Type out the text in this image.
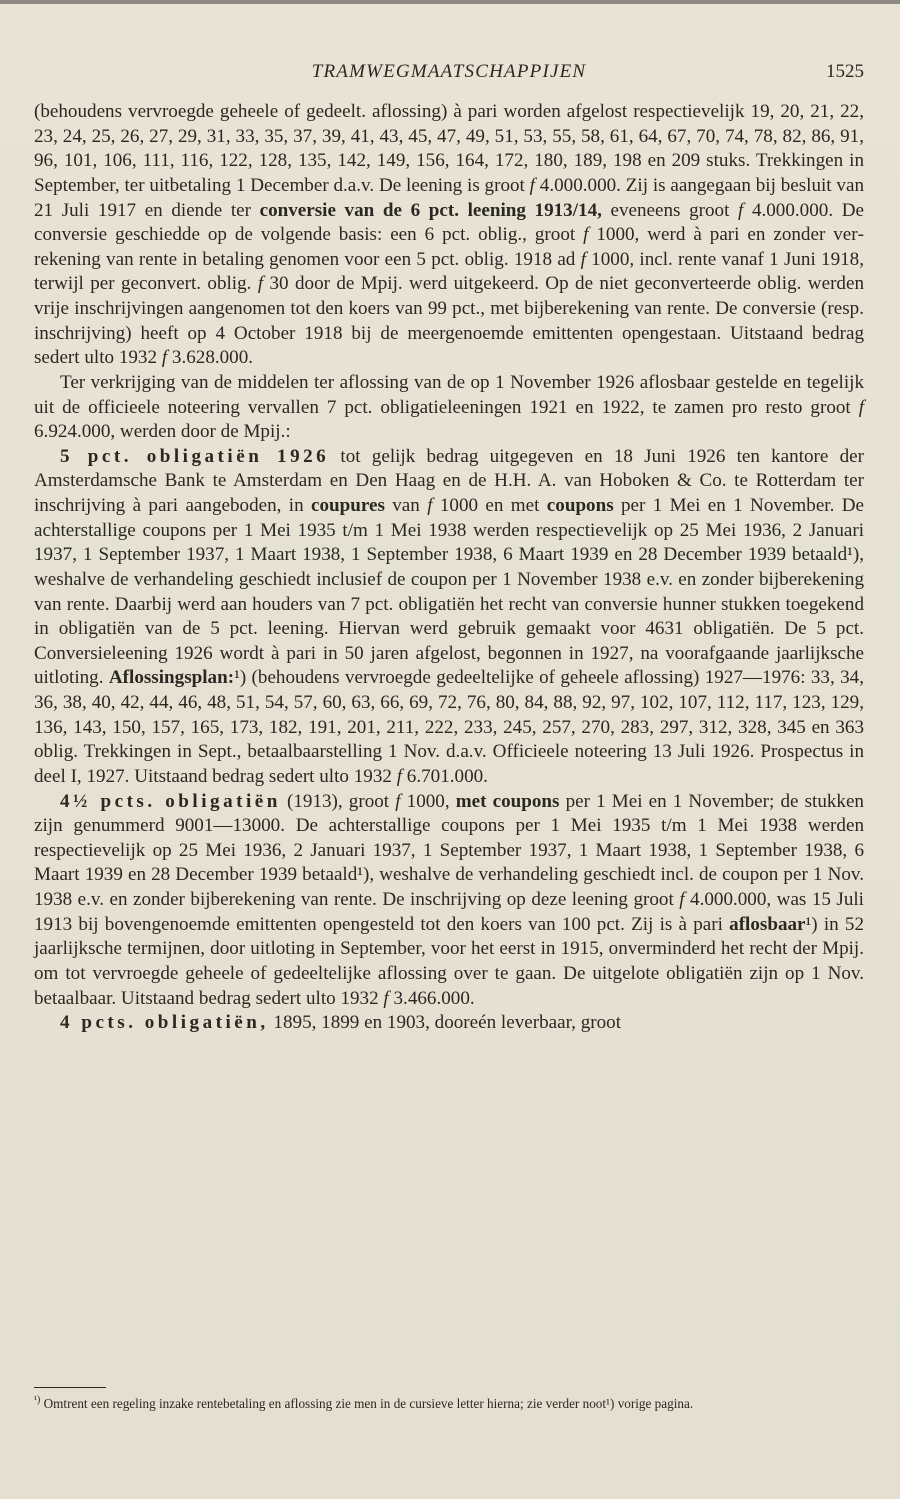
TRAMWEGMAATSCHAPPIJEN	1525

(behoudens vervroegde geheele of gedeelt. aflossing) à pari worden afgelost respectievelijk 19, 20, 21, 22, 23, 24, 25, 26, 27, 29, 31, 33, 35, 37, 39, 41, 43, 45, 47, 49, 51, 53, 55, 58, 61, 64, 67, 70, 74, 78, 82, 86, 91, 96, 101, 106, 111, 116, 122, 128, 135, 142, 149, 156, 164, 172, 180, 189, 198 en 209 stuks. Trekkingen in September, ter uitbetaling 1 December d.a.v. De leening is groot f 4.000.000. Zij is aangegaan bij besluit van 21 Juli 1917 en diende ter conversie van de 6 pct. leening 1913/14, eveneens groot f 4.000.000. De conversie geschiedde op de volgende basis: een 6 pct. oblig., groot f 1000, werd à pari en zonder verrekening van rente in betaling genomen voor een 5 pct. oblig. 1918 ad f 1000, incl. rente vanaf 1 Juni 1918, terwijl per geconvert. oblig. f 30 door de Mpij. werd uitgekeerd. Op de niet geconverteerde oblig. werden vrije inschrijvingen aangenomen tot den koers van 99 pct., met bijberekening van rente. De conversie (resp. inschrijving) heeft op 4 October 1918 bij de meergenoemde emittenten opengestaan. Uitstaand bedrag sedert ulto 1932 f 3.628.000.

Ter verkrijging van de middelen ter aflossing van de op 1 November 1926 aflosbaar gestelde en tegelijk uit de officieele noteering vervallen 7 pct. obligatieleeningen 1921 en 1922, te zamen pro resto groot f 6.924.000, werden door de Mpij.:

5 pct. obligatiën 1926 tot gelijk bedrag uitgegeven en 18 Juni 1926 ten kantore der Amsterdamsche Bank te Amsterdam en Den Haag en de H.H. A. van Hoboken & Co. te Rotterdam ter inschrijving à pari aangeboden, in coupures van f 1000 en met coupons per 1 Mei en 1 November. De achterstallige coupons per 1 Mei 1935 t/m 1 Mei 1938 werden respectievelijk op 25 Mei 1936, 2 Januari 1937, 1 September 1937, 1 Maart 1938, 1 September 1938, 6 Maart 1939 en 28 December 1939 betaald¹), weshalve de verhandeling geschiedt inclusief de coupon per 1 November 1938 e.v. en zonder bijberekening van rente. Daarbij werd aan houders van 7 pct. obligatiën het recht van conversie hunner stukken toegekend in obligatiën van de 5 pct. leening. Hiervan werd gebruik gemaakt voor 4631 obligatiën. De 5 pct. Conversieleening 1926 wordt à pari in 50 jaren afgelost, begonnen in 1927, na voorafgaande jaarlijksche uitloting. Aflossingsplan:¹) (behoudens vervroegde gedeeltelijke of geheele aflossing) 1927—1976: 33, 34, 36, 38, 40, 42, 44, 46, 48, 51, 54, 57, 60, 63, 66, 69, 72, 76, 80, 84, 88, 92, 97, 102, 107, 112, 117, 123, 129, 136, 143, 150, 157, 165, 173, 182, 191, 201, 211, 222, 233, 245, 257, 270, 283, 297, 312, 328, 345 en 363 oblig. Trekkingen in Sept., betaalbaarstelling 1 Nov. d.a.v. Officieele noteering 13 Juli 1926. Prospectus in deel I, 1927. Uitstaand bedrag sedert ulto 1932 f 6.701.000.

4½ pcts. obligatiën (1913), groot f 1000, met coupons per 1 Mei en 1 November; de stukken zijn genummerd 9001—13000. De achterstallige coupons per 1 Mei 1935 t/m 1 Mei 1938 werden respectievelijk op 25 Mei 1936, 2 Januari 1937, 1 September 1937, 1 Maart 1938, 1 September 1938, 6 Maart 1939 en 28 December 1939 betaald¹), weshalve de verhandeling geschiedt incl. de coupon per 1 Nov. 1938 e.v. en zonder bijberekening van rente. De inschrijving op deze leening groot f 4.000.000, was 15 Juli 1913 bij bovengenoemde emittenten opengesteld tot den koers van 100 pct. Zij is à pari aflosbaar¹) in 52 jaarlijksche termijnen, door uitloting in September, voor het eerst in 1915, onverminderd het recht der Mpij. om tot vervroegde geheele of gedeeltelijke aflossing over te gaan. De uitgelote obligatiën zijn op 1 Nov. betaalbaar. Uitstaand bedrag sedert ulto 1932 f 3.466.000.

4 pcts. obligatiën, 1895, 1899 en 1903, dooreén leverbaar, groot

$^{^1)}$ Omtrent een regeling inzake rentebetaling en aflossing zie men in de cursieve letter hierna; zie verder noot¹) vorige pagina.
